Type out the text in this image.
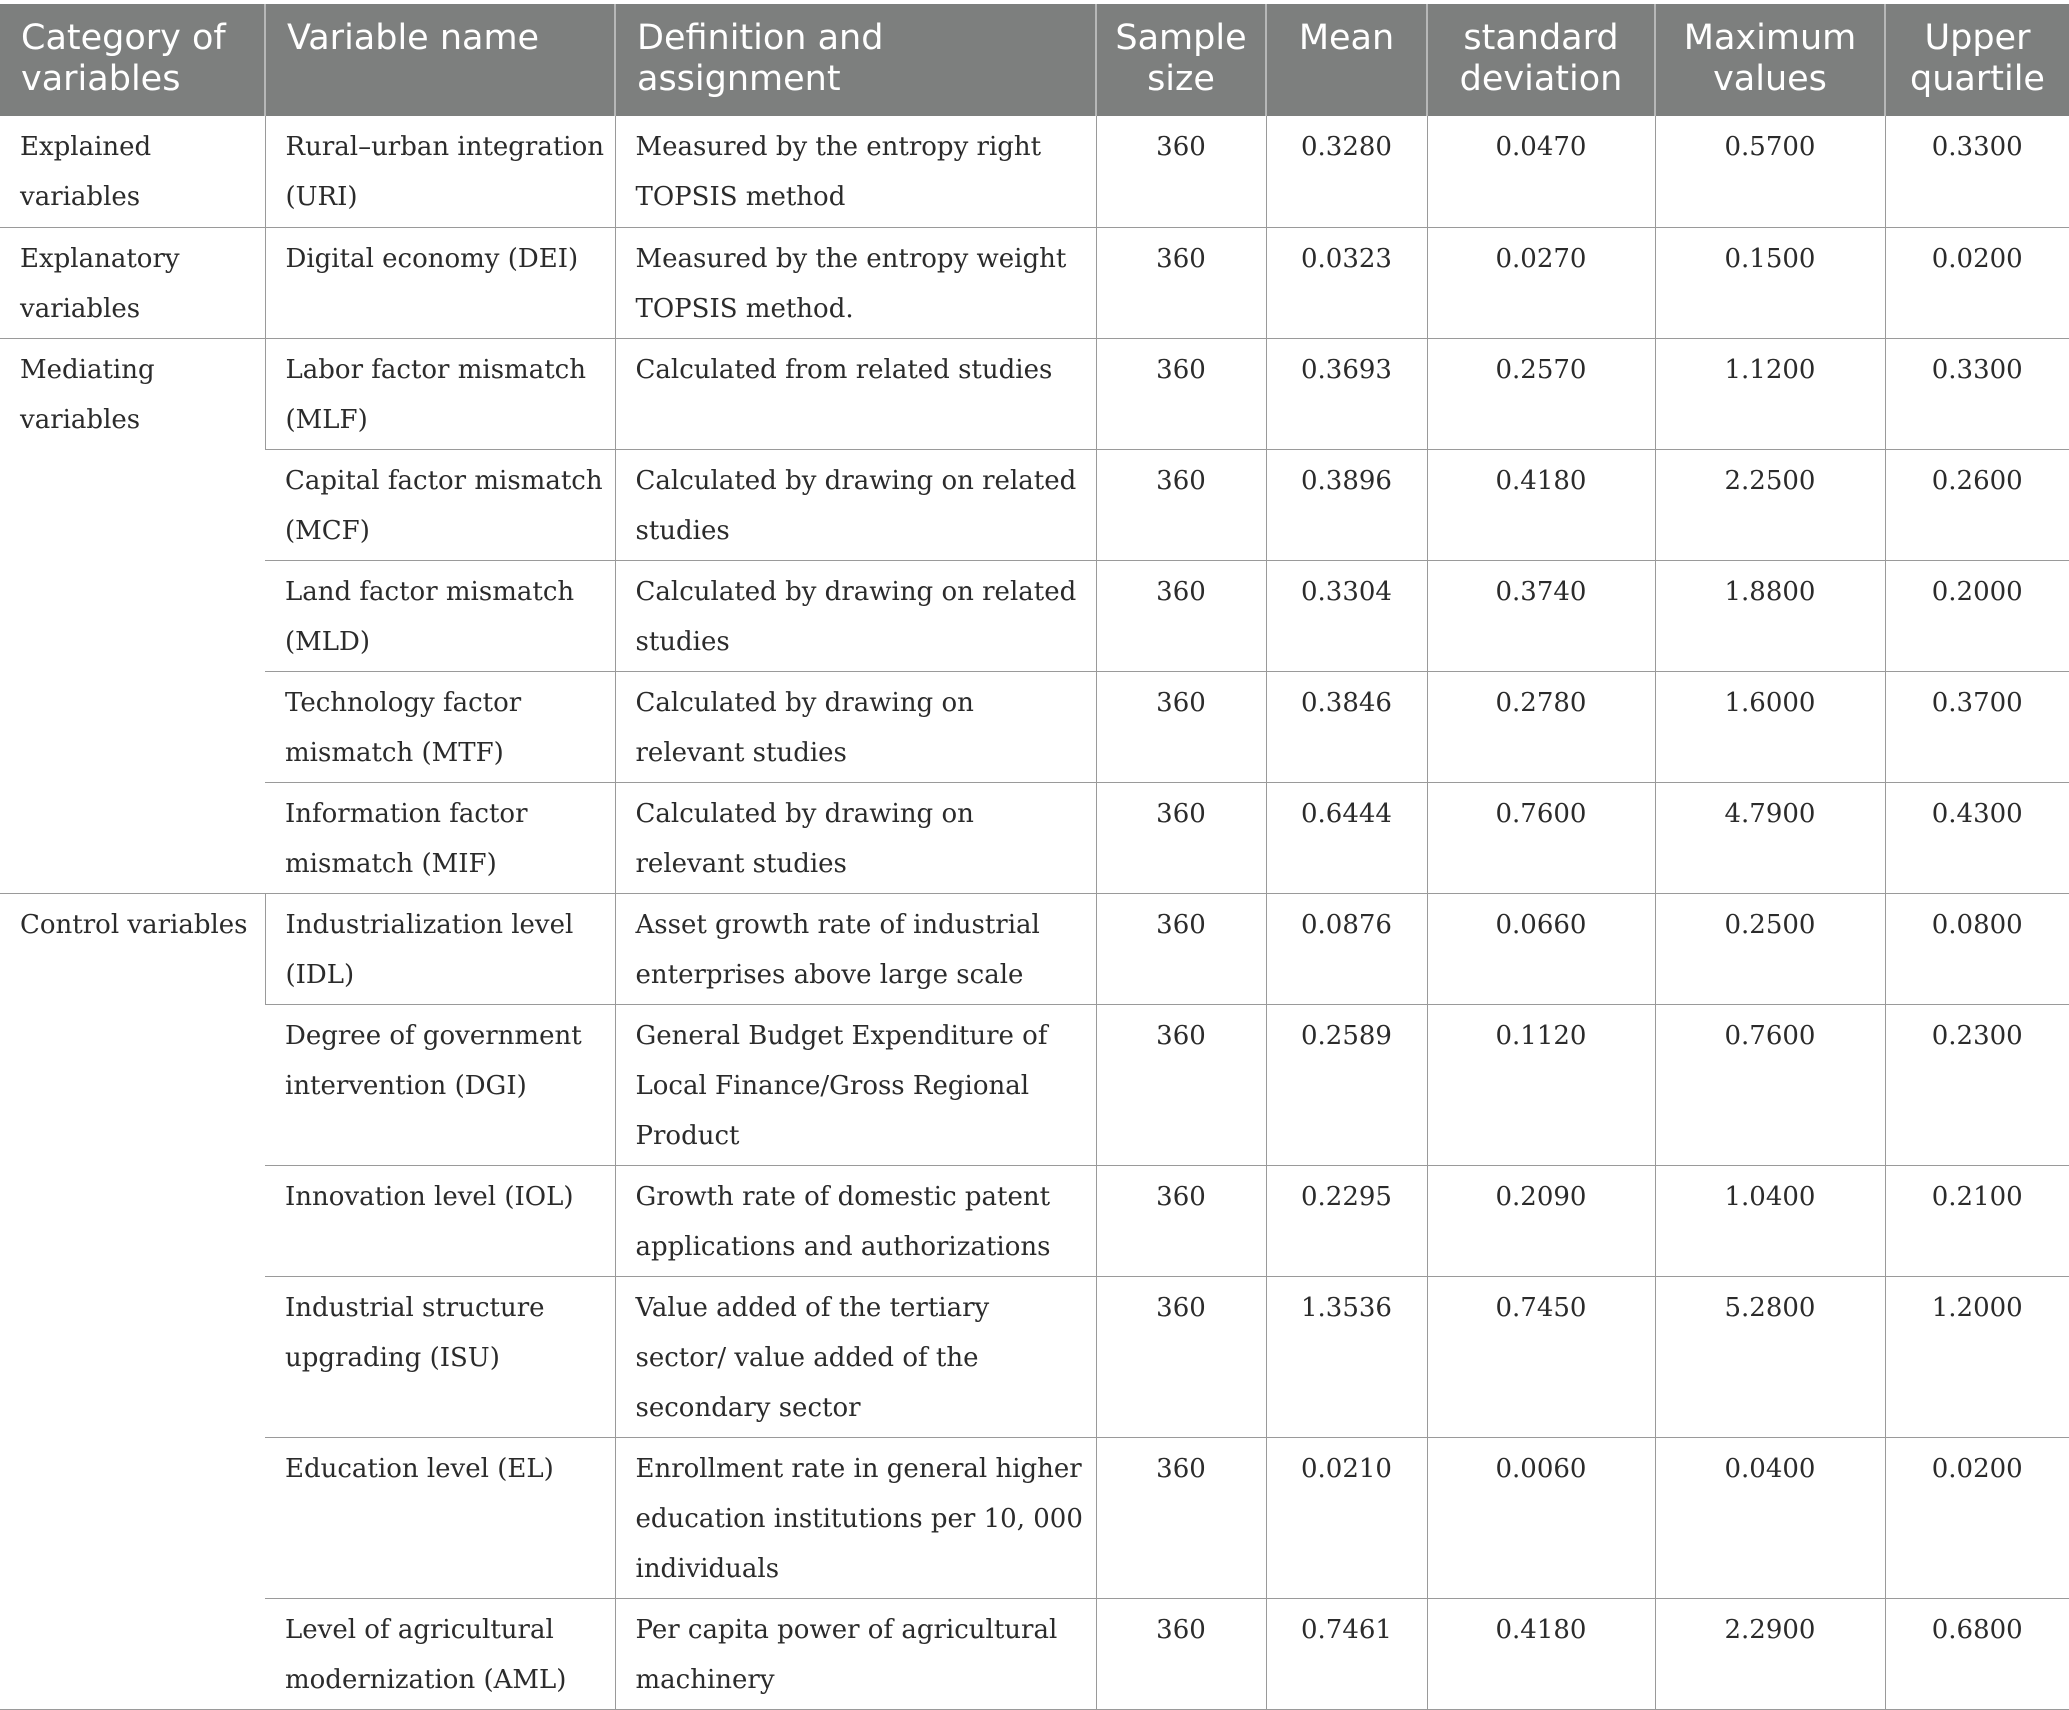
Category of variables	Variable name	Definition and assignment	Sample size	Mean	standard deviation	Maximum values	Upper quartile
Explained variables	Rural–urban integration (URI)	Measured by the entropy right TOPSIS method	360	0.3280	0.0470	0.5700	0.3300
Explanatory variables	Digital economy (DEI)	Measured by the entropy weight TOPSIS method.	360	0.0323	0.0270	0.1500	0.0200
Mediating variables	Labor factor mismatch (MLF)	Calculated from related studies	360	0.3693	0.2570	1.1200	0.3300
	Capital factor mismatch (MCF)	Calculated by drawing on related studies	360	0.3896	0.4180	2.2500	0.2600
	Land factor mismatch (MLD)	Calculated by drawing on related studies	360	0.3304	0.3740	1.8800	0.2000
	Technology factor mismatch (MTF)	Calculated by drawing on relevant studies	360	0.3846	0.2780	1.6000	0.3700
	Information factor mismatch (MIF)	Calculated by drawing on relevant studies	360	0.6444	0.7600	4.7900	0.4300
Control variables	Industrialization level (IDL)	Asset growth rate of industrial enterprises above large scale	360	0.0876	0.0660	0.2500	0.0800
	Degree of government intervention (DGI)	General Budget Expenditure of Local Finance/Gross Regional Product	360	0.2589	0.1120	0.7600	0.2300
	Innovation level (IOL)	Growth rate of domestic patent applications and authorizations	360	0.2295	0.2090	1.0400	0.2100
	Industrial structure upgrading (ISU)	Value added of the tertiary sector/ value added of the secondary sector	360	1.3536	0.7450	5.2800	1.2000
	Education level (EL)	Enrollment rate in general higher education institutions per 10, 000 individuals	360	0.0210	0.0060	0.0400	0.0200
	Level of agricultural modernization (AML)	Per capita power of agricultural machinery	360	0.7461	0.4180	2.2900	0.6800
